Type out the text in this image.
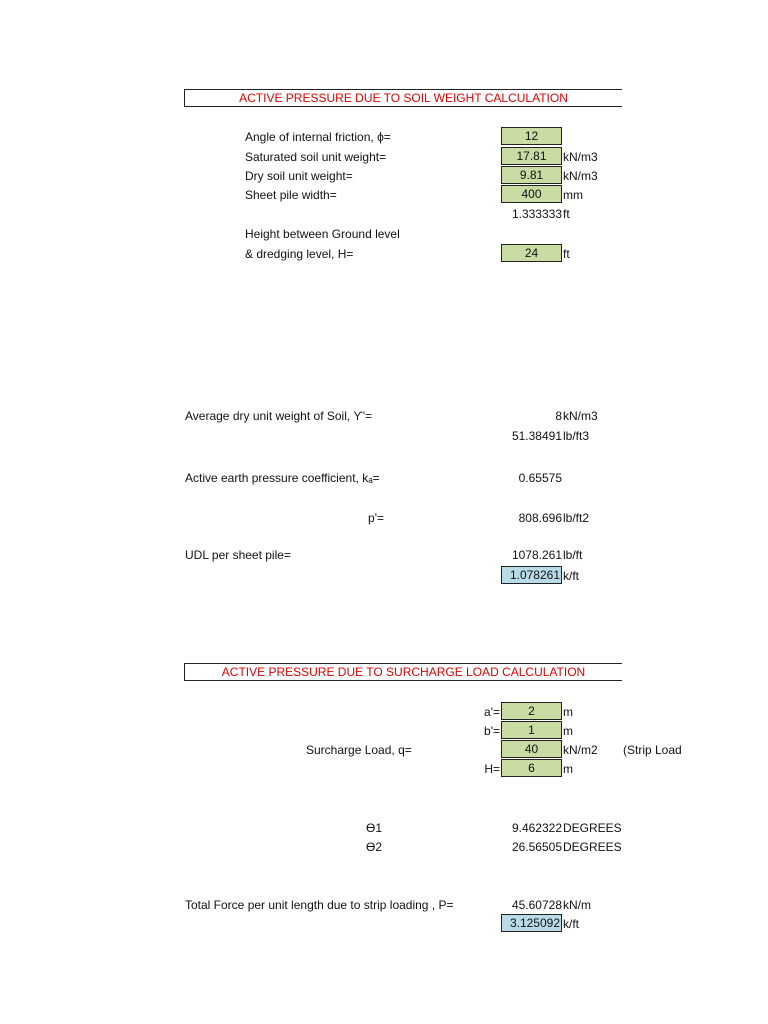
ACTIVE PRESSURE DUE TO SOIL WEIGHT CALCULATION
Angle of internal friction, ϕ=	12
Saturated soil unit weight=	17.81	kN/m3
Dry soil unit weight=	9.81	kN/m3
Sheet pile width=	400	mm
1.333333 ft
Height between Ground level
& dredging level, H=	24	ft
Average dry unit weight of Soil, Ƴ'=	8 kN/m3
51.38491 lb/ft3
Active earth pressure coefficient, kₐ=	0.65575
p'=	808.696 lb/ft2
UDL per sheet pile=	1078.261 lb/ft
1.078261 k/ft
ACTIVE PRESSURE DUE TO SURCHARGE LOAD CALCULATION
a'=	2	m
b'=	1	m
Surcharge Load, q=	40	kN/m2 (Strip Load
H=	6	m
Ɵ1	9.462322 DEGREES
Ɵ2	26.56505 DEGREES
Total Force per unit length due to strip loading , P=	45.60728 kN/m
3.125092 k/ft
